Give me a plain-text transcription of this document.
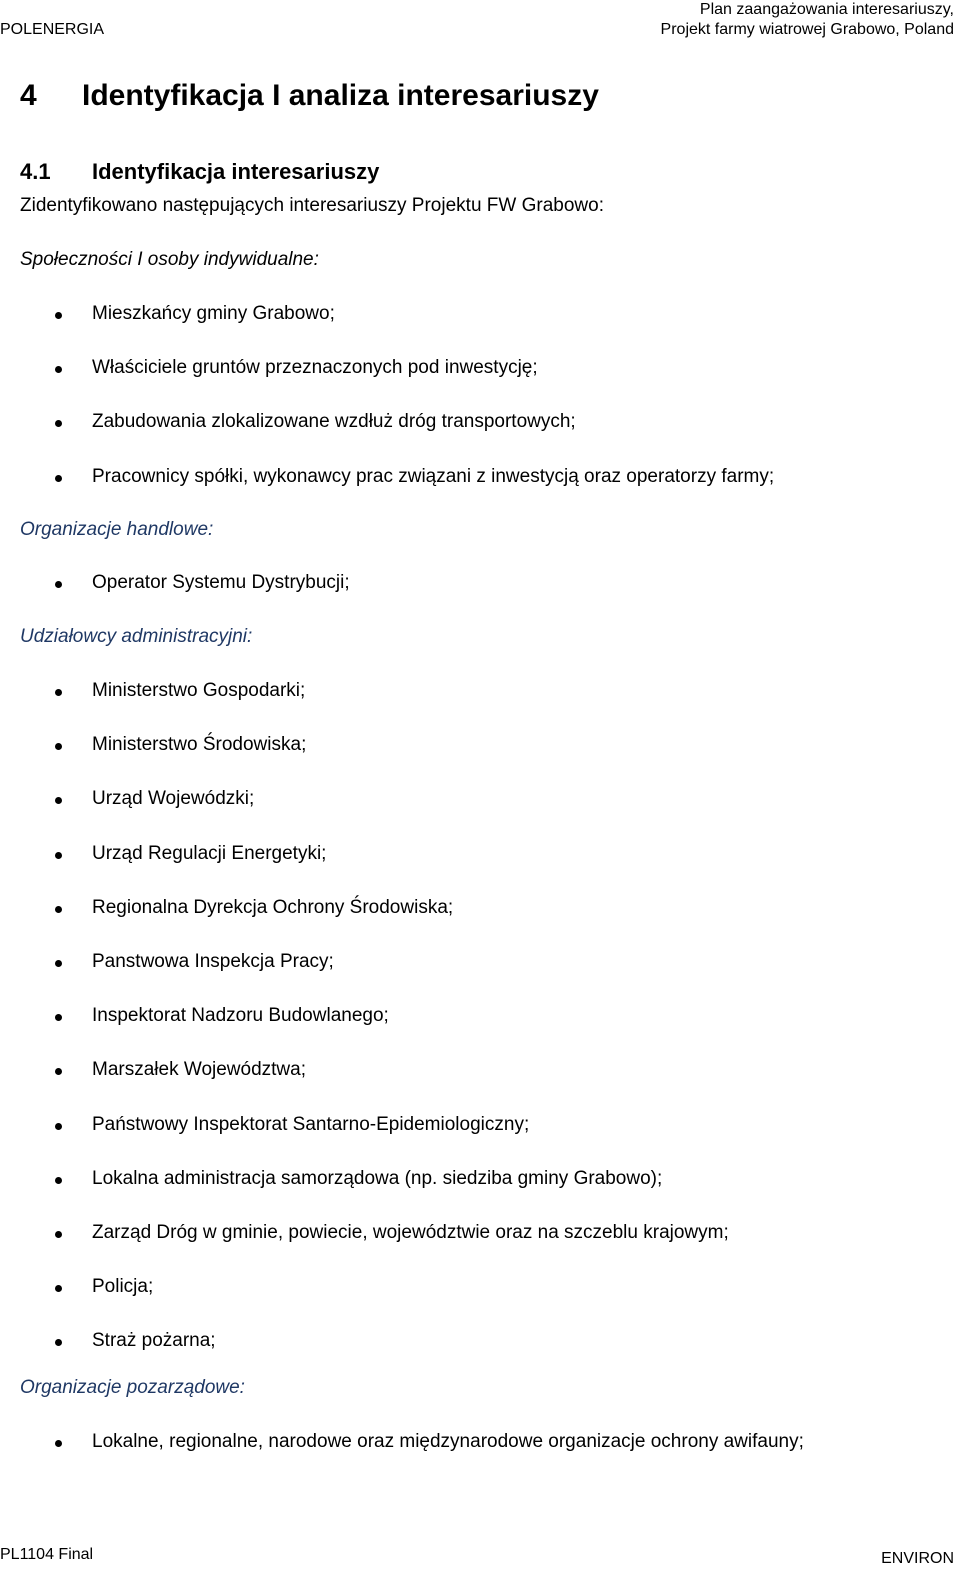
POLENERGIA
Plan zaangażowania interesariuszy,
Projekt farmy wiatrowej Grabowo, Poland
4 Identyfikacja I analiza interesariuszy
4.1 Identyfikacja interesariuszy
Zidentyfikowano następujących interesariuszy Projektu FW Grabowo:
Społeczności I osoby indywidualne:
Mieszkańcy gminy Grabowo;
Właściciele gruntów przeznaczonych pod inwestycję;
Zabudowania zlokalizowane wzdłuż dróg transportowych;
Pracownicy spółki, wykonawcy prac związani z inwestycją oraz operatorzy farmy;
Organizacje handlowe:
Operator Systemu Dystrybucji;
Udziałowcy administracyjni:
Ministerstwo Gospodarki;
Ministerstwo Środowiska;
Urząd Wojewódzki;
Urząd Regulacji Energetyki;
Regionalna Dyrekcja Ochrony Środowiska;
Panstwowa Inspekcja Pracy;
Inspektorat Nadzoru Budowlanego;
Marszałek Województwa;
Państwowy Inspektorat Santarno-Epidemiologiczny;
Lokalna administracja samorządowa (np. siedziba gminy Grabowo);
Zarząd Dróg w gminie, powiecie, województwie oraz na szczeblu krajowym;
Policja;
Straż pożarna;
Organizacje pozarządowe:
Lokalne, regionalne, narodowe oraz międzynarodowe organizacje ochrony awifauny;
PL1104 Final	ENVIRON
